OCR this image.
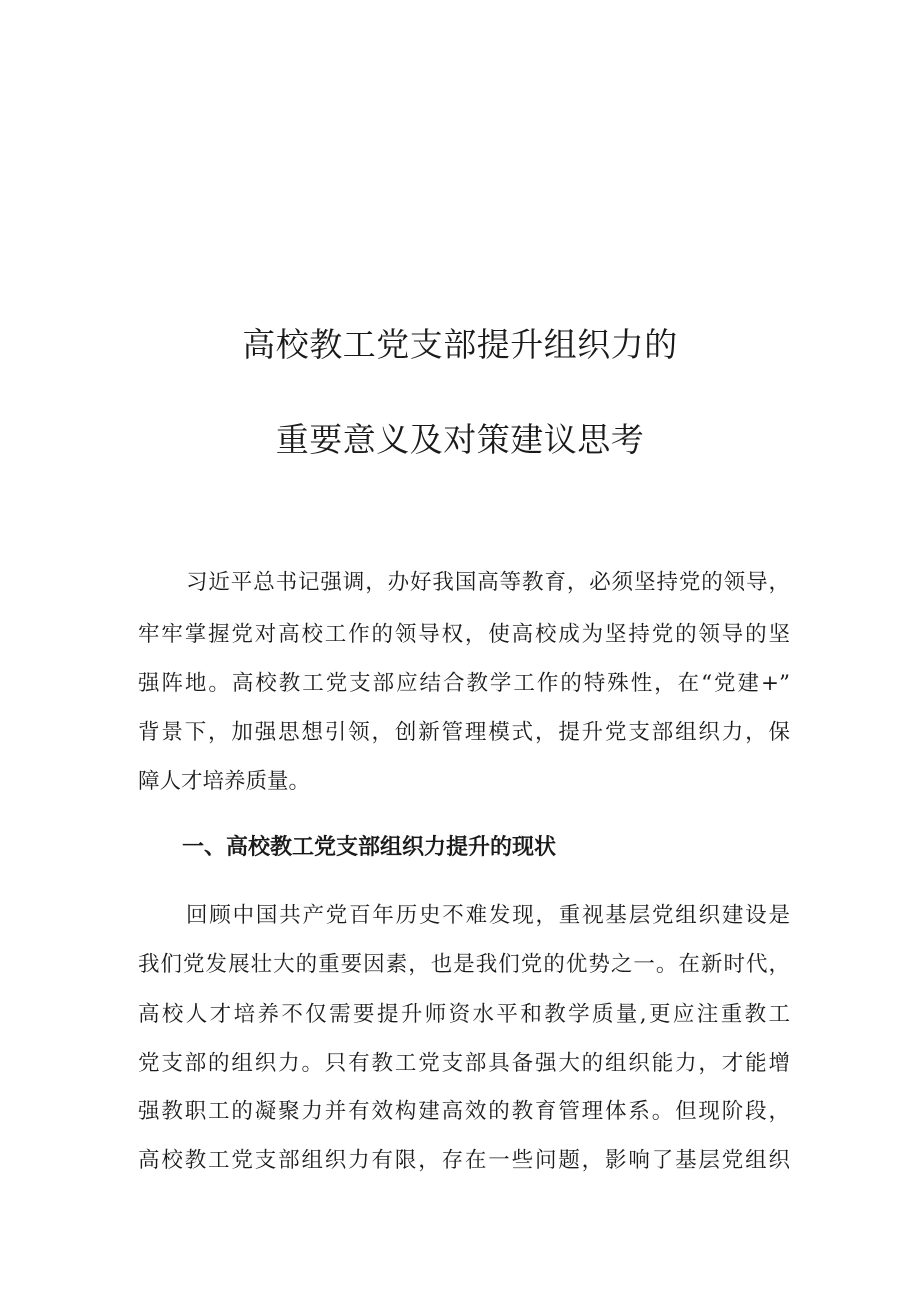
高校教工党支部提升组织力的
重要意义及对策建议思考
习近平总书记强调，办好我国高等教育，必须坚持党的领导，
牢牢掌握党对高校工作的领导权，使高校成为坚持党的领导的坚
强阵地。高校教工党支部应结合教学工作的特殊性，在“党建+”
背景下，加强思想引领，创新管理模式，提升党支部组织力，保
障人才培养质量。
一、高校教工党支部组织力提升的现状
回顾中国共产党百年历史不难发现，重视基层党组织建设是
我们党发展壮大的重要因素，也是我们党的优势之一。在新时代，
高校人才培养不仅需要提升师资水平和教学质量,更应注重教工
党支部的组织力。只有教工党支部具备强大的组织能力，才能增
强教职工的凝聚力并有效构建高效的教育管理体系。但现阶段，
高校教工党支部组织力有限，存在一些问题，影响了基层党组织
